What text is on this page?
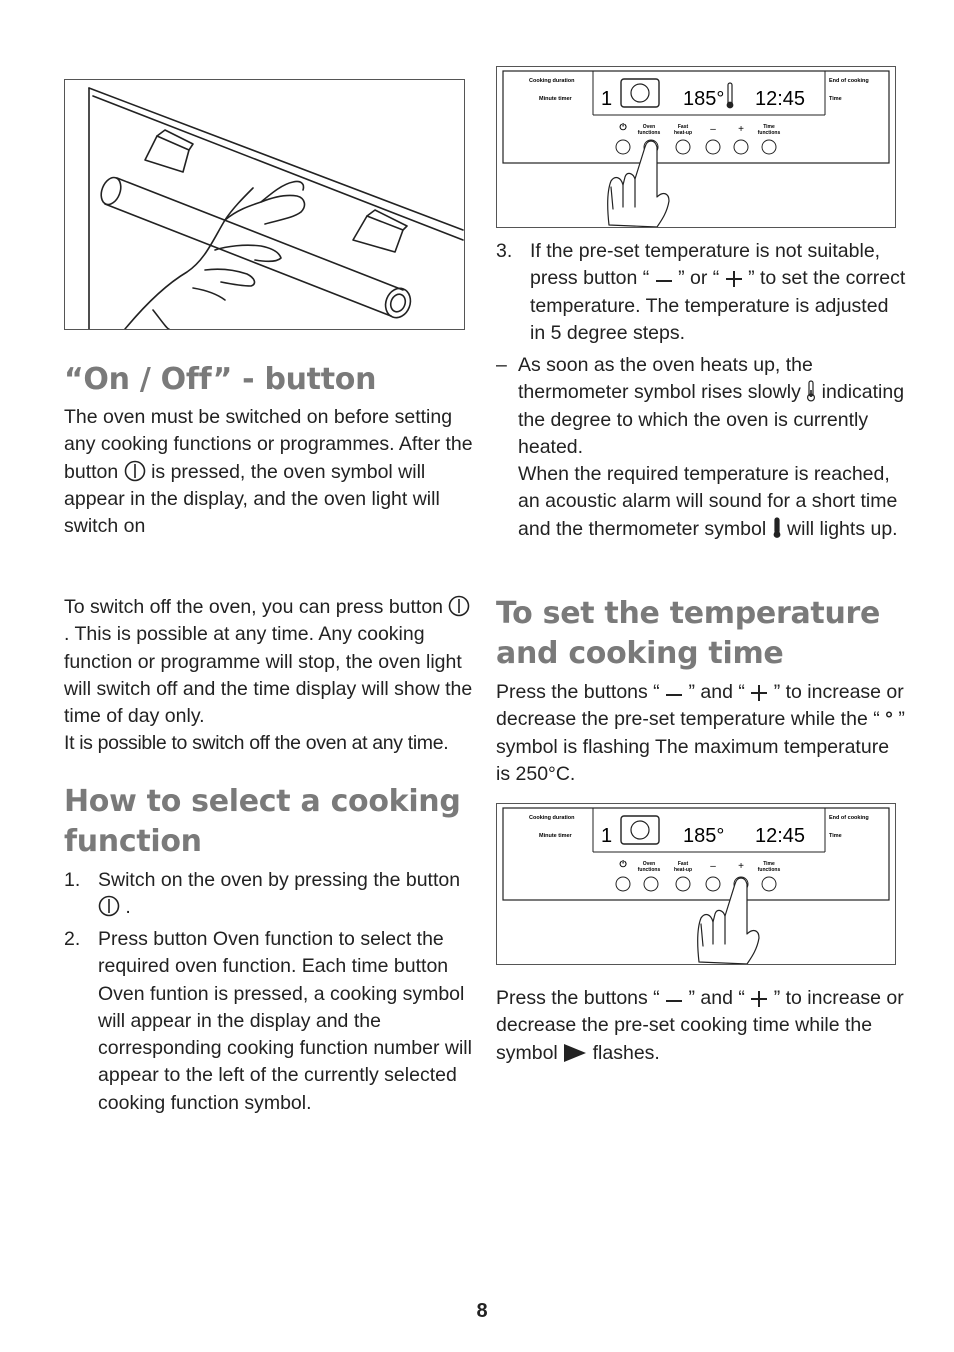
“On / Off” - button

The oven must be switched on before setting any cooking functions or programmes. After the button is pressed, the oven symbol will appear in the display, and the oven light will switch on

To switch off the oven, you can press button  . This is possible at any time. Any cooking function or programme will stop, the oven light will switch off and the time display will show the time of day only.

It is possible to switch off the oven at any time.

How to select a cooking function
1. Switch on the oven by pressing the button  .

2. Press button Oven function to select the required oven function. Each time button Oven funtion is pressed, a cooking symbol will appear in the display and the corresponding cooking function number will appear to the left of the currently selected cooking function symbol.

Cooking duration
Minute timer
End of cooking
Time
1	185° 12:45
⏻	Oven
functions
Fast
heat-up – +	Time
functions
3. If the pre-set temperature is not suitable, press button “ ” or “ ” to set the correct temperature. The temperature is adjusted in 5 degree steps.

– As soon as the oven heats up, the thermometer symbol rises slowly indicating the degree to which the oven is currently heated.

When the required temperature is reached, an acoustic alarm will sound for a short time and the thermometer symbol will lights up.

To set the temperature and cooking time

Press the buttons “ ” and “ ” to increase or decrease the pre-set temperature while the “ ° ” symbol is flashing The maximum temperature is 250°C.

Cooking duration
Minute timer
End of cooking
Time
1	185° 12:45
⏻	Oven
functions
Fast
heat-up – +	Time
functions

Press the buttons “ ” and “ ” to increase or decrease the pre-set cooking time while the symbol flashes.

8
